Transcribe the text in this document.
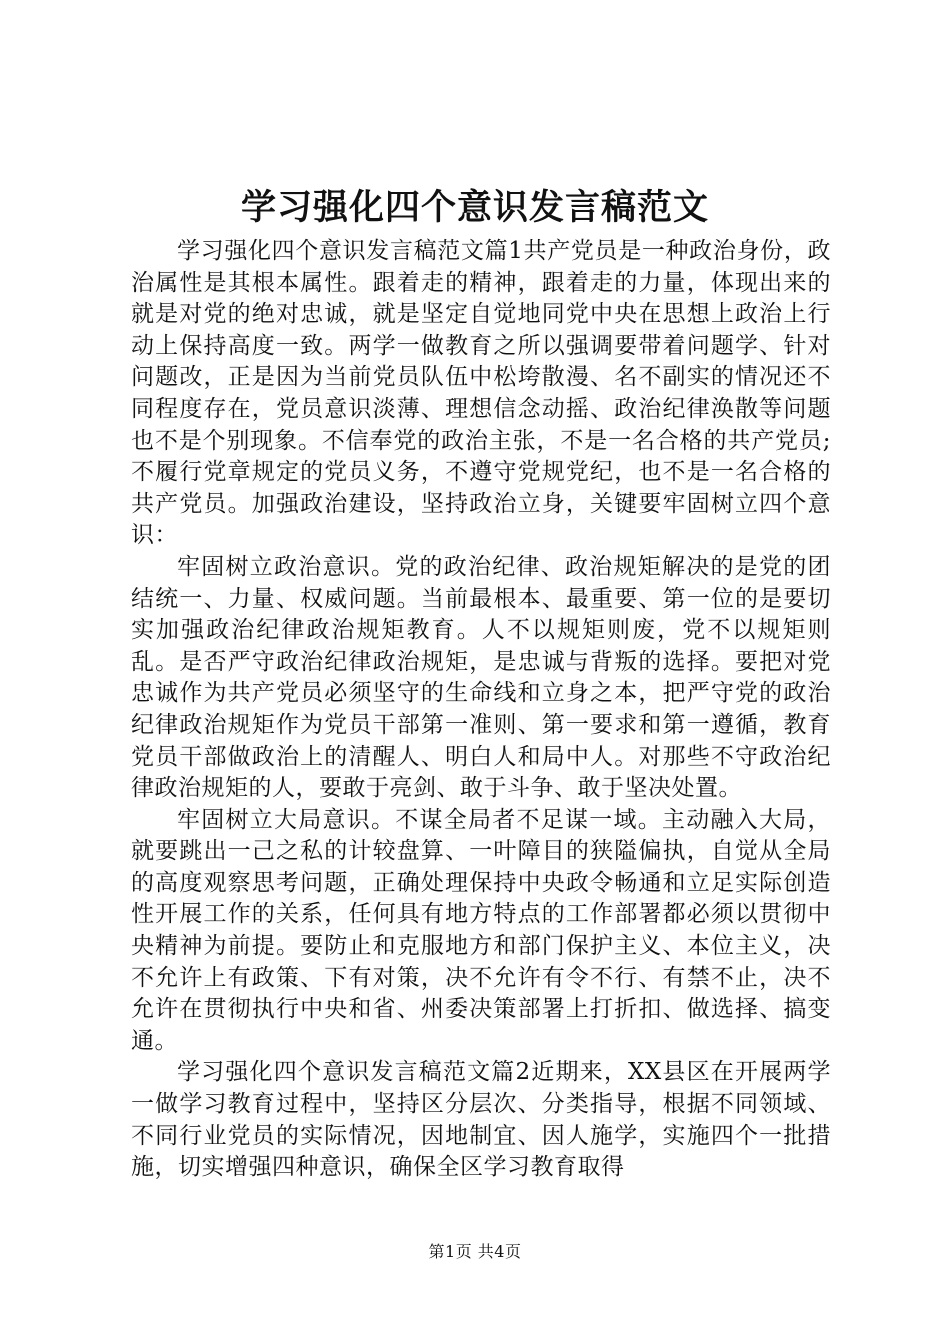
学习强化四个意识发言稿范文

学习强化四个意识发言稿范文篇1共产党员是一种政治身份，政治属性是其根本属性。跟着走的精神，跟着走的力量，体现出来的就是对党的绝对忠诚，就是坚定自觉地同党中央在思想上政治上行动上保持高度一致。两学一做教育之所以强调要带着问题学、针对问题改，正是因为当前党员队伍中松垮散漫、名不副实的情况还不同程度存在，党员意识淡薄、理想信念动摇、政治纪律涣散等问题也不是个别现象。不信奉党的政治主张，不是一名合格的共产党员;不履行党章规定的党员义务，不遵守党规党纪，也不是一名合格的共产党员。加强政治建设，坚持政治立身，关键要牢固树立四个意识：

牢固树立政治意识。党的政治纪律、政治规矩解决的是党的团结统一、力量、权威问题。当前最根本、最重要、第一位的是要切实加强政治纪律政治规矩教育。人不以规矩则废，党不以规矩则乱。是否严守政治纪律政治规矩，是忠诚与背叛的选择。要把对党忠诚作为共产党员必须坚守的生命线和立身之本，把严守党的政治纪律政治规矩作为党员干部第一准则、第一要求和第一遵循，教育党员干部做政治上的清醒人、明白人和局中人。对那些不守政治纪律政治规矩的人，要敢于亮剑、敢于斗争、敢于坚决处置。

牢固树立大局意识。不谋全局者不足谋一域。主动融入大局，就要跳出一己之私的计较盘算、一叶障目的狭隘偏执，自觉从全局的高度观察思考问题，正确处理保持中央政令畅通和立足实际创造性开展工作的关系，任何具有地方特点的工作部署都必须以贯彻中央精神为前提。要防止和克服地方和部门保护主义、本位主义，决不允许上有政策、下有对策，决不允许有令不行、有禁不止，决不允许在贯彻执行中央和省、州委决策部署上打折扣、做选择、搞变通。

学习强化四个意识发言稿范文篇2近期来，XX县区在开展两学一做学习教育过程中，坚持区分层次、分类指导，根据不同领域、不同行业党员的实际情况，因地制宜、因人施学，实施四个一批措施，切实增强四种意识，确保全区学习教育取得

第1页 共4页
